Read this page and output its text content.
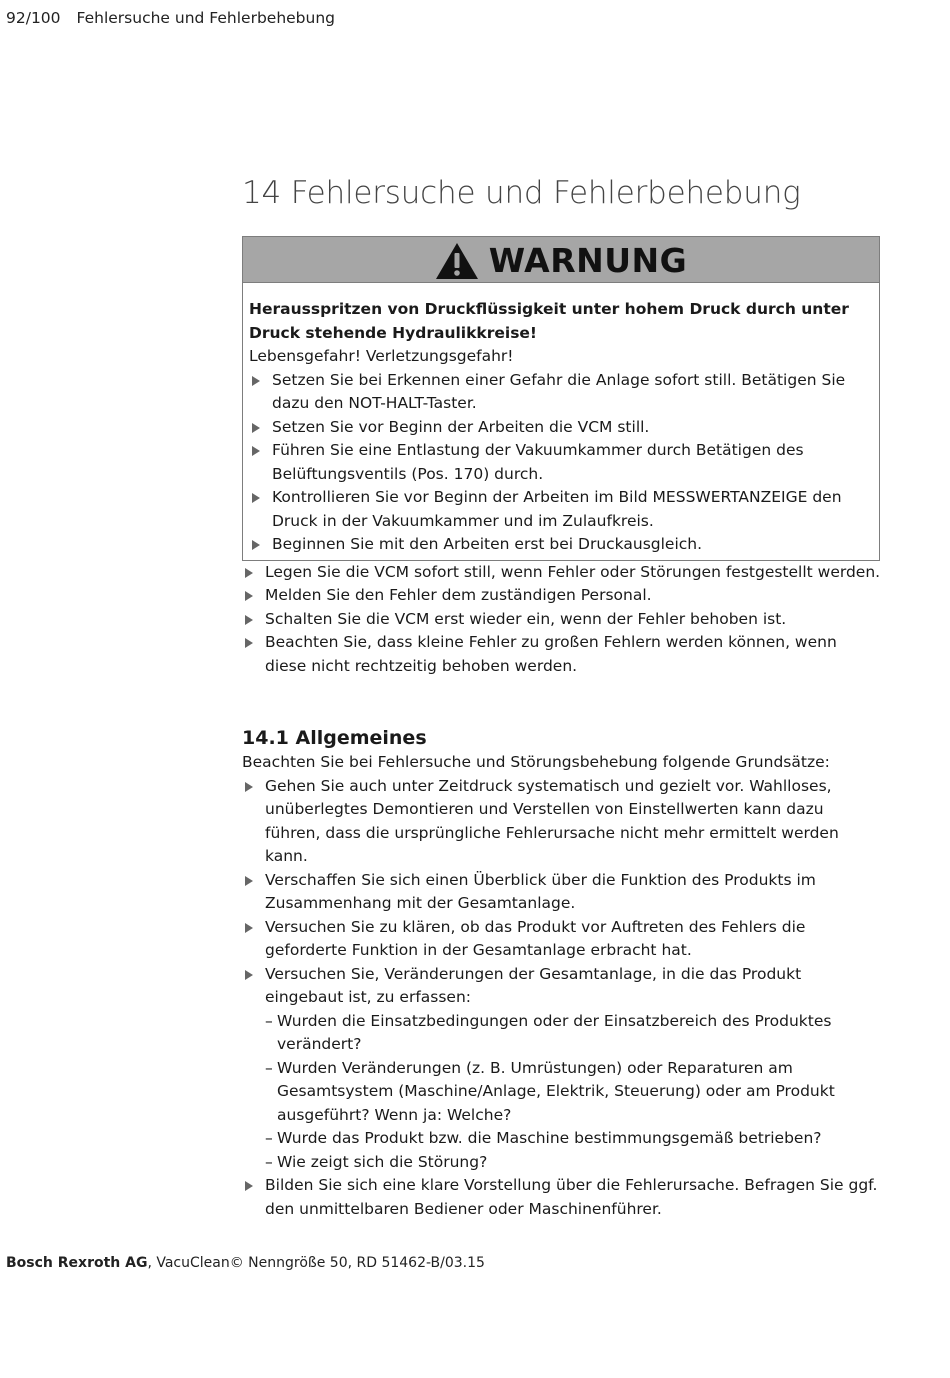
92/100 Fehlersuche und Fehlerbehebung
14 Fehlersuche und Fehlerbehebung
WARNUNG
Herausspritzen von Druckflüssigkeit unter hohem Druck durch unter Druck stehende Hydraulikkreise!
Lebensgefahr! Verletzungsgefahr!
Setzen Sie bei Erkennen einer Gefahr die Anlage sofort still. Betätigen Sie dazu den NOT-HALT-Taster.
Setzen Sie vor Beginn der Arbeiten die VCM still.
Führen Sie eine Entlastung der Vakuumkammer durch Betätigen des Belüftungsventils (Pos. 170) durch.
Kontrollieren Sie vor Beginn der Arbeiten im Bild MESSWERTANZEIGE den Druck in der Vakuumkammer und im Zulaufkreis.
Beginnen Sie mit den Arbeiten erst bei Druckausgleich.
Legen Sie die VCM sofort still, wenn Fehler oder Störungen festgestellt werden.
Melden Sie den Fehler dem zuständigen Personal.
Schalten Sie die VCM erst wieder ein, wenn der Fehler behoben ist.
Beachten Sie, dass kleine Fehler zu großen Fehlern werden können, wenn diese nicht rechtzeitig behoben werden.
14.1 Allgemeines
Beachten Sie bei Fehlersuche und Störungsbehebung folgende Grundsätze:
Gehen Sie auch unter Zeitdruck systematisch und gezielt vor. Wahlloses, unüberlegtes Demontieren und Verstellen von Einstellwerten kann dazu führen, dass die ursprüngliche Fehlerursache nicht mehr ermittelt werden kann.
Verschaffen Sie sich einen Überblick über die Funktion des Produkts im Zusammenhang mit der Gesamtanlage.
Versuchen Sie zu klären, ob das Produkt vor Auftreten des Fehlers die geforderte Funktion in der Gesamtanlage erbracht hat.
Versuchen Sie, Veränderungen der Gesamtanlage, in die das Produkt eingebaut ist, zu erfassen:
– Wurden die Einsatzbedingungen oder der Einsatzbereich des Produktes verändert?
– Wurden Veränderungen (z. B. Umrüstungen) oder Reparaturen am Gesamtsystem (Maschine/Anlage, Elektrik, Steuerung) oder am Produkt ausgeführt? Wenn ja: Welche?
– Wurde das Produkt bzw. die Maschine bestimmungsgemäß betrieben?
– Wie zeigt sich die Störung?
Bilden Sie sich eine klare Vorstellung über die Fehlerursache. Befragen Sie ggf. den unmittelbaren Bediener oder Maschinenführer.
Bosch Rexroth AG, VacuClean© Nenngröße 50, RD 51462-B/03.15
